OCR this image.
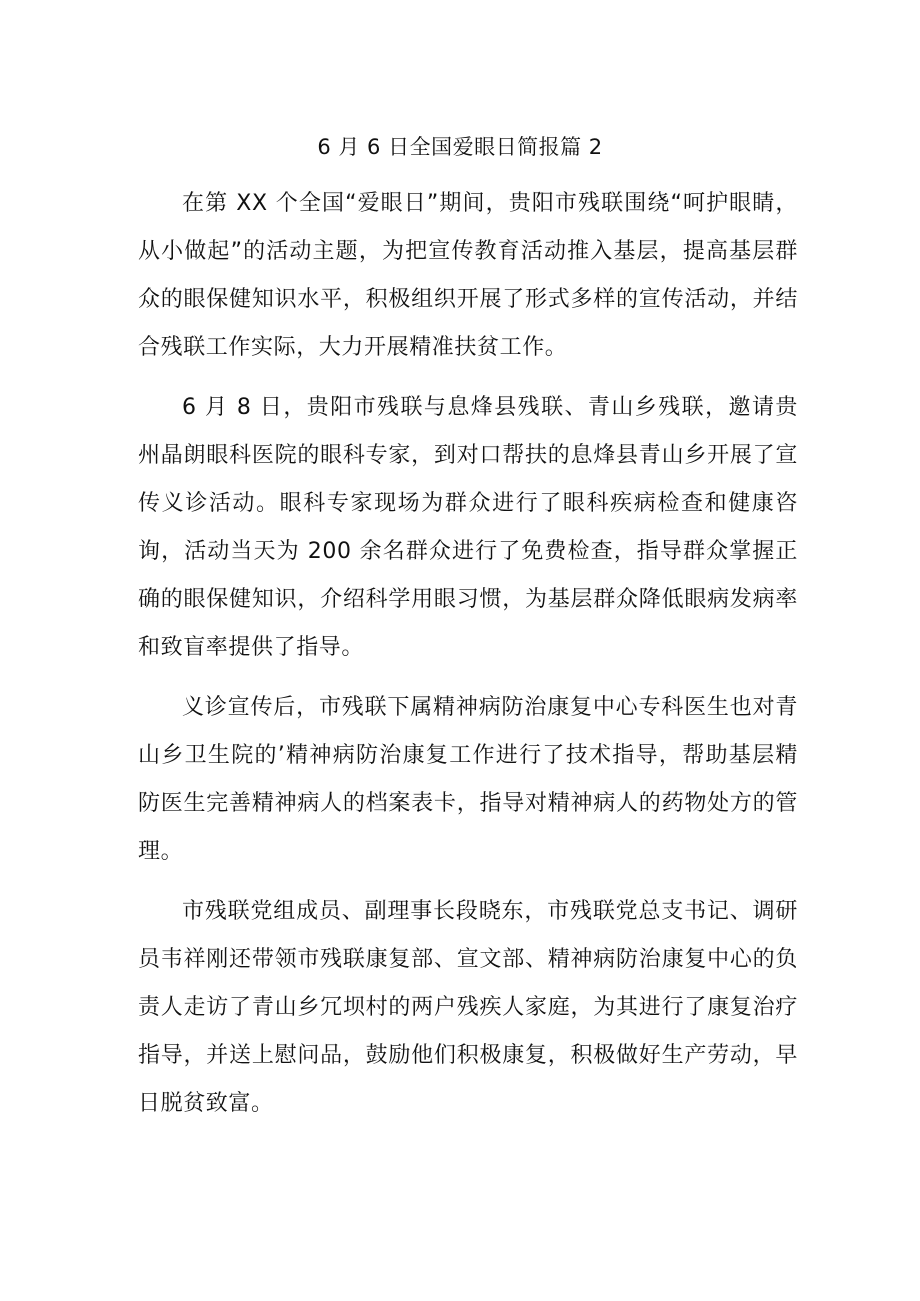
6 月 6 日全国爱眼日简报篇 2

在第 XX 个全国“爱眼日”期间，贵阳市残联围绕“呵护眼睛，从小做起”的活动主题，为把宣传教育活动推入基层，提高基层群众的眼保健知识水平，积极组织开展了形式多样的宣传活动，并结合残联工作实际，大力开展精准扶贫工作。

6 月 8 日，贵阳市残联与息烽县残联、青山乡残联，邀请贵州晶朗眼科医院的眼科专家，到对口帮扶的息烽县青山乡开展了宣传义诊活动。眼科专家现场为群众进行了眼科疾病检查和健康咨询，活动当天为 200 余名群众进行了免费检查，指导群众掌握正确的眼保健知识，介绍科学用眼习惯，为基层群众降低眼病发病率和致盲率提供了指导。

义诊宣传后，市残联下属精神病防治康复中心专科医生也对青山乡卫生院的’精神病防治康复工作进行了技术指导，帮助基层精防医生完善精神病人的档案表卡，指导对精神病人的药物处方的管理。

市残联党组成员、副理事长段晓东，市残联党总支书记、调研员韦祥刚还带领市残联康复部、宣文部、精神病防治康复中心的负责人走访了青山乡冗坝村的两户残疾人家庭，为其进行了康复治疗指导，并送上慰问品，鼓励他们积极康复，积极做好生产劳动，早日脱贫致富。
